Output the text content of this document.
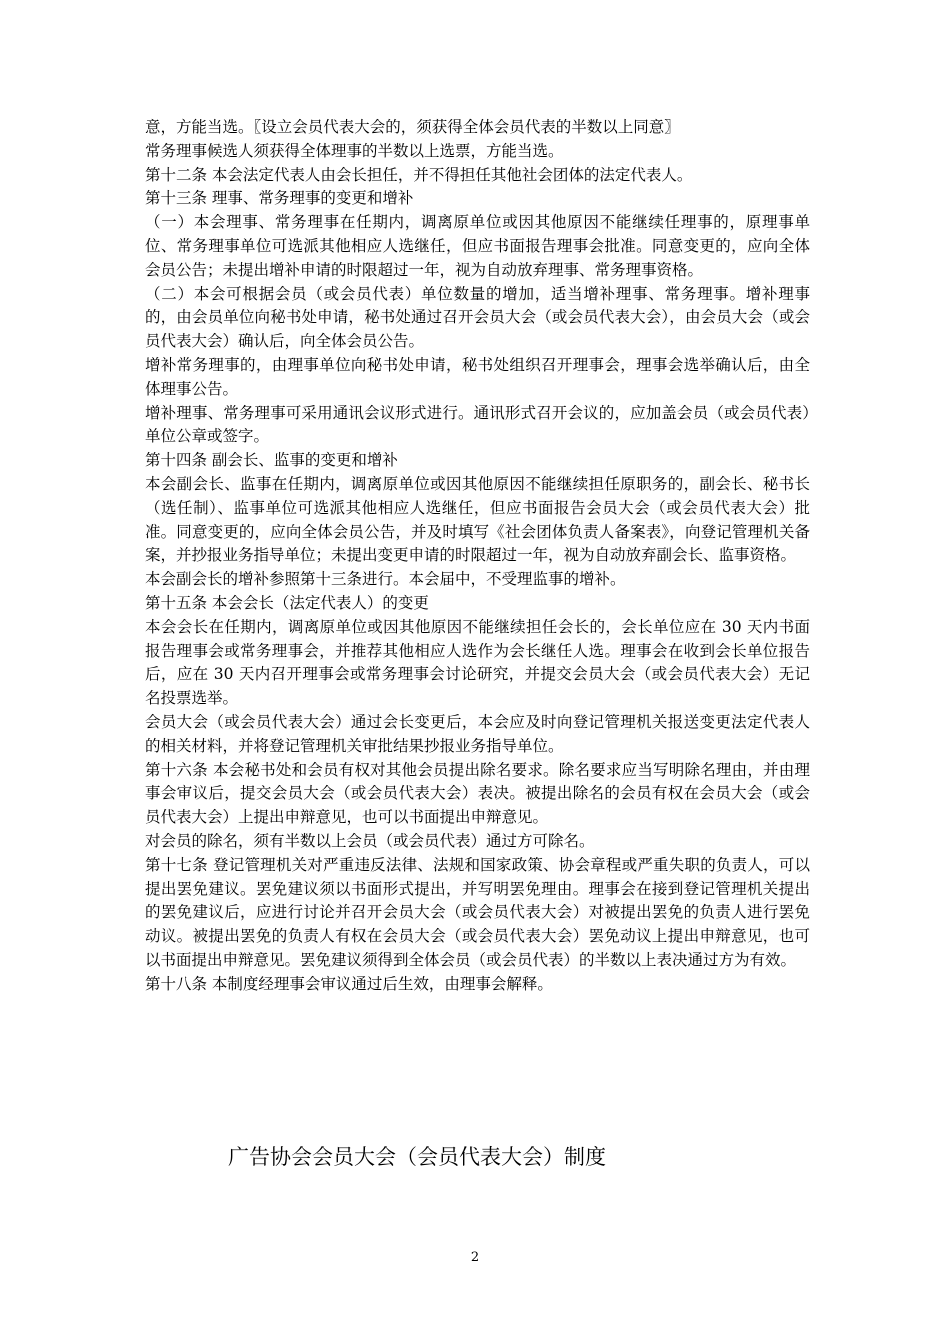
意，方能当选。〖设立会员代表大会的，须获得全体会员代表的半数以上同意〗

常务理事候选人须获得全体理事的半数以上选票，方能当选。

第十二条 本会法定代表人由会长担任，并不得担任其他社会团体的法定代表人。

第十三条 理事、常务理事的变更和增补

（一）本会理事、常务理事在任期内，调离原单位或因其他原因不能继续任理事的，原理事单位、常务理事单位可选派其他相应人选继任，但应书面报告理事会批准。同意变更的，应向全体会员公告；未提出增补申请的时限超过一年，视为自动放弃理事、常务理事资格。

（二）本会可根据会员（或会员代表）单位数量的增加，适当增补理事、常务理事。增补理事的，由会员单位向秘书处申请，秘书处通过召开会员大会（或会员代表大会），由会员大会（或会员代表大会）确认后，向全体会员公告。

增补常务理事的，由理事单位向秘书处申请，秘书处组织召开理事会，理事会选举确认后，由全体理事公告。

增补理事、常务理事可采用通讯会议形式进行。通讯形式召开会议的，应加盖会员（或会员代表）单位公章或签字。

第十四条 副会长、监事的变更和增补

本会副会长、监事在任期内，调离原单位或因其他原因不能继续担任原职务的，副会长、秘书长（选任制）、监事单位可选派其他相应人选继任，但应书面报告会员大会（或会员代表大会）批准。同意变更的，应向全体会员公告，并及时填写《社会团体负责人备案表》，向登记管理机关备案，并抄报业务指导单位；未提出变更申请的时限超过一年，视为自动放弃副会长、监事资格。

本会副会长的增补参照第十三条进行。本会届中，不受理监事的增补。

第十五条 本会会长（法定代表人）的变更

本会会长在任期内，调离原单位或因其他原因不能继续担任会长的，会长单位应在 30 天内书面报告理事会或常务理事会，并推荐其他相应人选作为会长继任人选。理事会在收到会长单位报告后，应在 30 天内召开理事会或常务理事会讨论研究，并提交会员大会（或会员代表大会）无记名投票选举。

会员大会（或会员代表大会）通过会长变更后，本会应及时向登记管理机关报送变更法定代表人的相关材料，并将登记管理机关审批结果抄报业务指导单位。

第十六条 本会秘书处和会员有权对其他会员提出除名要求。除名要求应当写明除名理由，并由理事会审议后，提交会员大会（或会员代表大会）表决。被提出除名的会员有权在会员大会（或会员代表大会）上提出申辩意见，也可以书面提出申辩意见。

对会员的除名，须有半数以上会员（或会员代表）通过方可除名。

第十七条 登记管理机关对严重违反法律、法规和国家政策、协会章程或严重失职的负责人，可以提出罢免建议。罢免建议须以书面形式提出，并写明罢免理由。理事会在接到登记管理机关提出的罢免建议后，应进行讨论并召开会员大会（或会员代表大会）对被提出罢免的负责人进行罢免动议。被提出罢免的负责人有权在会员大会（或会员代表大会）罢免动议上提出申辩意见，也可以书面提出申辩意见。罢免建议须得到全体会员（或会员代表）的半数以上表决通过方为有效。

第十八条 本制度经理事会审议通过后生效，由理事会解释。

广告协会会员大会（会员代表大会）制度
2
